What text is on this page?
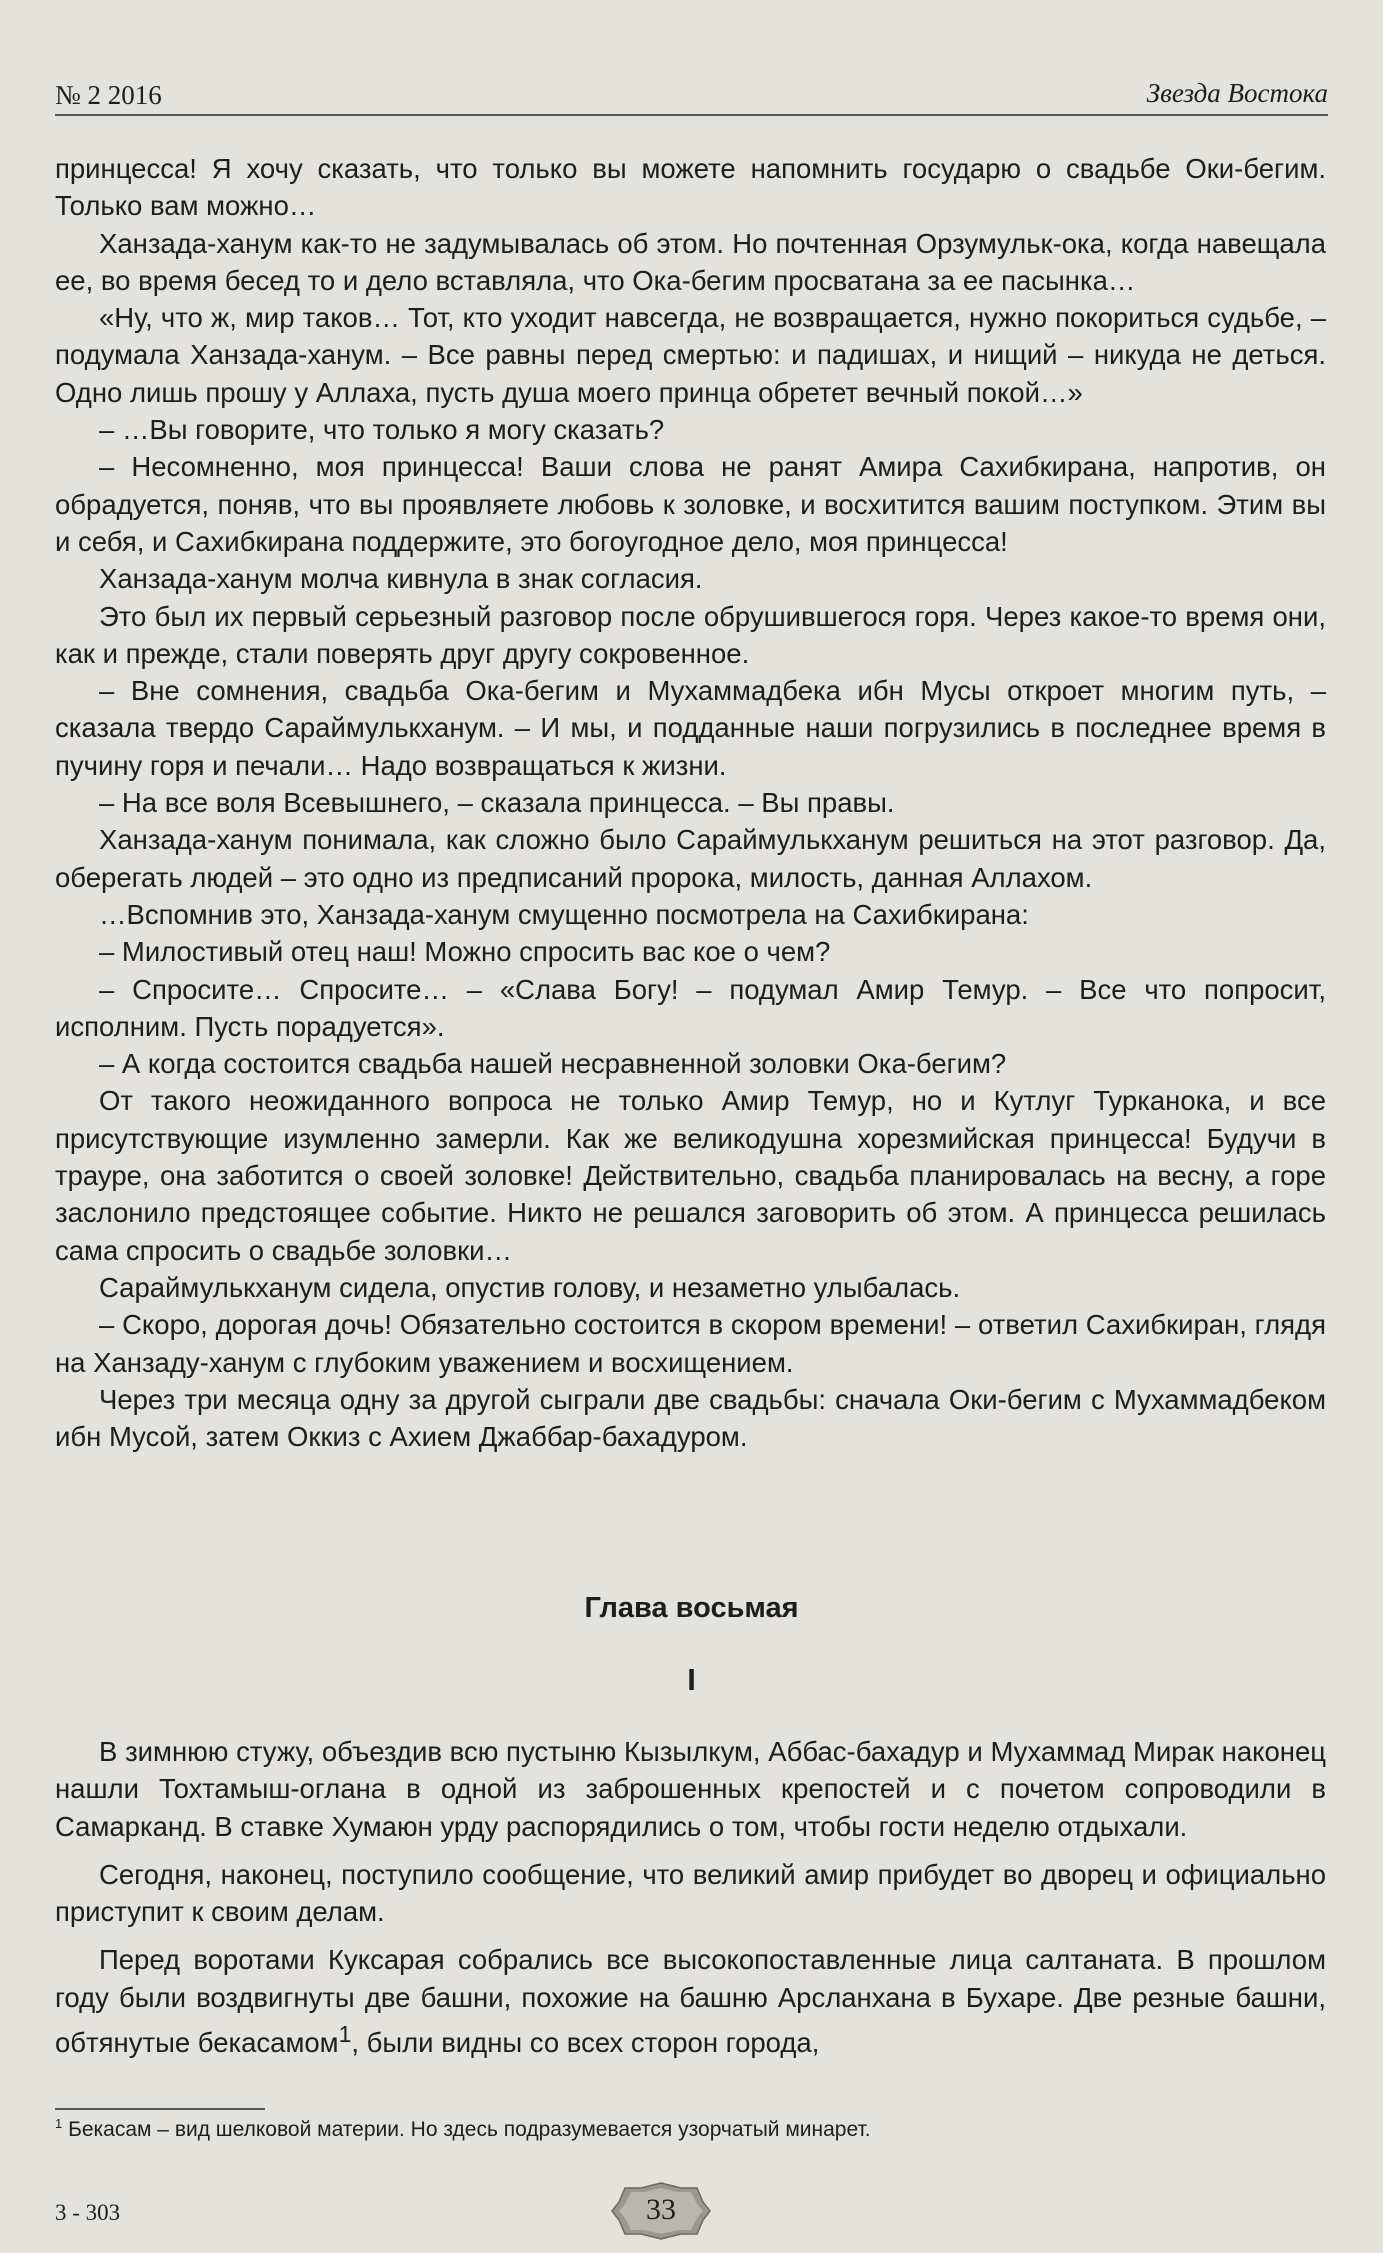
№ 2 2016	Звезда Востока

принцесса! Я хочу сказать, что только вы можете напомнить государю о свадьбе Оки-бегим. Только вам можно…

Ханзада-ханум как-то не задумывалась об этом. Но почтенная Орзумульк-ока, когда навещала ее, во время бесед то и дело вставляла, что Ока-бегим просватана за ее пасынка…

«Ну, что ж, мир таков… Тот, кто уходит навсегда, не возвращается, нужно покориться судьбе, – подумала Ханзада-ханум. – Все равны перед смертью: и падишах, и нищий – никуда не деться. Одно лишь прошу у Аллаха, пусть душа моего принца обретет вечный покой…»

– …Вы говорите, что только я могу сказать?

– Несомненно, моя принцесса! Ваши слова не ранят Амира Сахибкирана, напротив, он обрадуется, поняв, что вы проявляете любовь к золовке, и восхитится вашим поступком. Этим вы и себя, и Сахибкирана поддержите, это богоугодное дело, моя принцесса!

Ханзада-ханум молча кивнула в знак согласия.

Это был их первый серьезный разговор после обрушившегося горя. Через какое-то время они, как и прежде, стали поверять друг другу сокровенное.

– Вне сомнения, свадьба Ока-бегим и Мухаммадбека ибн Мусы откроет многим путь, – сказала твердо Сараймулькханум. – И мы, и подданные наши погрузились в последнее время в пучину горя и печали… Надо возвращаться к жизни.

– На все воля Всевышнего, – сказала принцесса. – Вы правы.

Ханзада-ханум понимала, как сложно было Сараймулькханум решиться на этот разговор. Да, оберегать людей – это одно из предписаний пророка, милость, данная Аллахом.

…Вспомнив это, Ханзада-ханум смущенно посмотрела на Сахибкирана:

– Милостивый отец наш! Можно спросить вас кое о чем?

– Спросите… Спросите… – «Слава Богу! – подумал Амир Темур. – Все что попросит, исполним. Пусть порадуется».

– А когда состоится свадьба нашей несравненной золовки Ока-бегим?

От такого неожиданного вопроса не только Амир Темур, но и Кутлуг Турканока, и все присутствующие изумленно замерли. Как же великодушна хорезмийская принцесса! Будучи в трауре, она заботится о своей золовке! Действительно, свадьба планировалась на весну, а горе заслонило предстоящее событие. Никто не решался заговорить об этом. А принцесса решилась сама спросить о свадьбе золовки…

Сараймулькханум сидела, опустив голову, и незаметно улыбалась.

– Скоро, дорогая дочь! Обязательно состоится в скором времени! – ответил Сахибкиран, глядя на Ханзаду-ханум с глубоким уважением и восхищением.

Через три месяца одну за другой сыграли две свадьбы: сначала Оки-бегим с Мухаммадбеком ибн Мусой, затем Оккиз с Ахием Джаббар-бахадуром.

Глава восьмая
I

В зимнюю стужу, объездив всю пустыню Кызылкум, Аббас-бахадур и Мухаммад Мирак наконец нашли Тохтамыш-оглана в одной из заброшенных крепостей и с почетом сопроводили в Самарканд. В ставке Хумаюн урду распорядились о том, чтобы гости неделю отдыхали.

Сегодня, наконец, поступило сообщение, что великий амир прибудет во дворец и официально приступит к своим делам.

Перед воротами Куксарая собрались все высокопоставленные лица салтаната. В прошлом году были воздвигнуты две башни, похожие на башню Арсланхана в Бухаре. Две резные башни, обтянутые бекасамом$^1$, были видны со всех сторон города,

$^1$ Бекасам – вид шелковой материи. Но здесь подразумевается узорчатый минарет.
3 - 303	33
